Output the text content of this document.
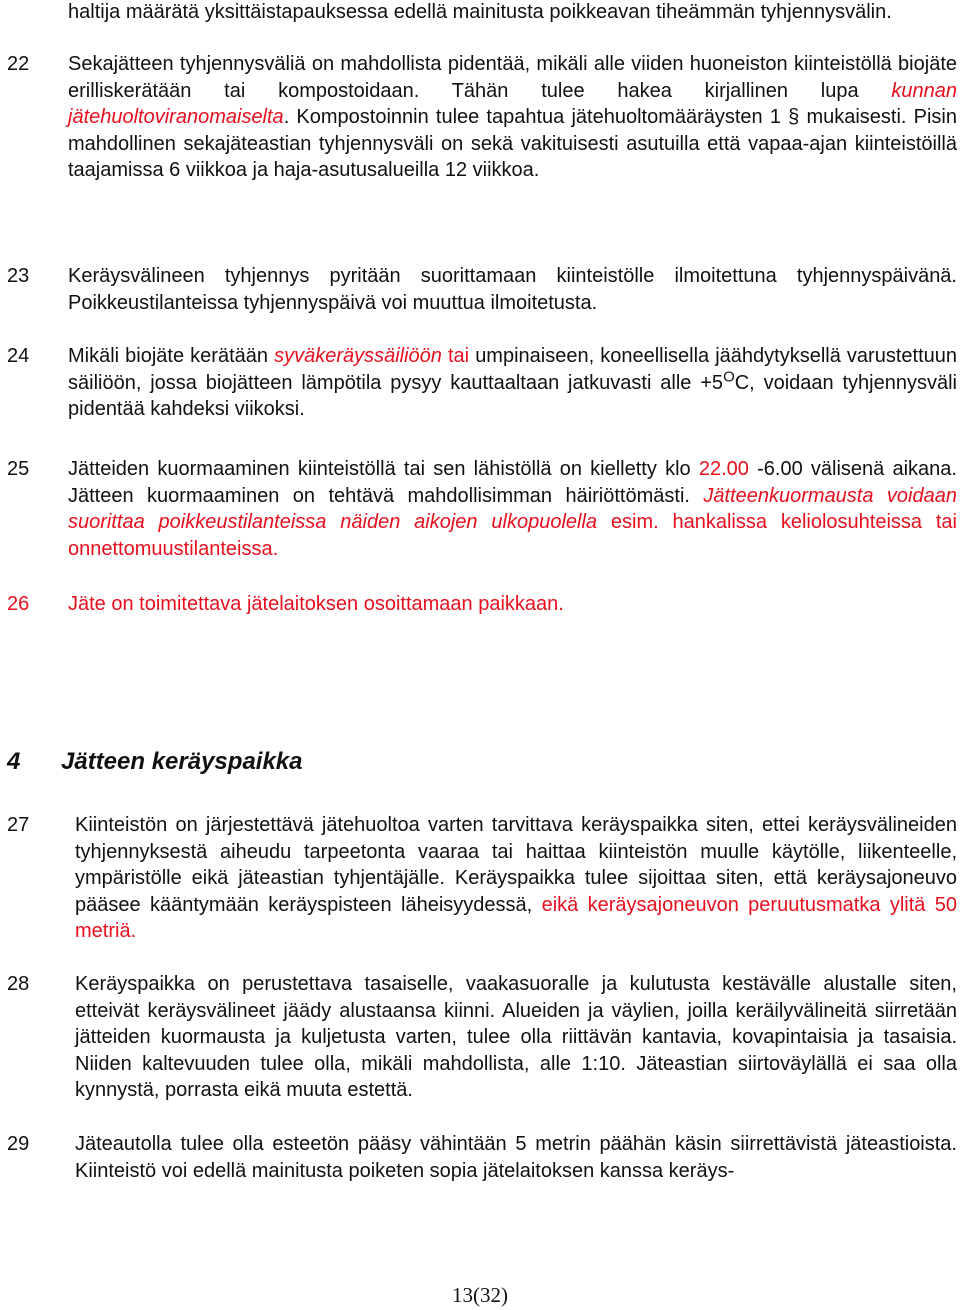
haltija määrätä yksittäistapauksessa edellä mainitusta poikkeavan tiheämmän tyhjennysvälin.
22	Sekajätteen tyhjennysväliä on mahdollista pidentää, mikäli alle viiden huoneiston kiinteistöllä biojäte erilliskerätään tai kompostoidaan. Tähän tulee hakea kirjallinen lupa kunnan jätehuoltoviranomaiselta. Kompostoinnin tulee tapahtua jätehuoltomääräysten 1 § mukaisesti. Pisin mahdollinen sekajäteastian tyhjennysväli on sekä vakituisesti asutuilla että vapaa-ajan kiinteistöillä taajamissa 6 viikkoa ja haja-asutusalueilla 12 viikkoa.
23	Keräysvälineen tyhjennys pyritään suorittamaan kiinteistölle ilmoitettuna tyhjennyspäivänä. Poikkeustilanteissa tyhjennyspäivä voi muuttua ilmoitetusta.
24	Mikäli biojäte kerätään syväkeräyssäiliöön tai umpinaiseen, koneellisella jäähdytyksellä varustettuun säiliöön, jossa biojätteen lämpötila pysyy kauttaaltaan jatkuvasti alle $+5^OC$, voidaan tyhjennysväli pidentää kahdeksi viikoksi.
25	Jätteiden kuormaaminen kiinteistöllä tai sen lähistöllä on kielletty klo 22.00 -6.00 välisenä aikana. Jätteen kuormaaminen on tehtävä mahdollisimman häiriöttömästi. Jätteenkuormausta voidaan suorittaa poikkeustilanteissa näiden aikojen ulkopuolella esim. hankalissa keliolosuhteissa tai onnettomuustilanteissa.
26	Jäte on toimitettava jätelaitoksen osoittamaan paikkaan.
4 Jätteen keräyspaikka
27	Kiinteistön on järjestettävä jätehuoltoa varten tarvittava keräyspaikka siten, ettei keräysvälineiden tyhjennyksestä aiheudu tarpeetonta vaaraa tai haittaa kiinteistön muulle käytölle, liikenteelle, ympäristölle eikä jäteastian tyhjentäjälle. Keräyspaikka tulee sijoittaa siten, että keräysajoneuvo pääsee kääntymään keräyspisteen läheisyydessä, eikä keräysajoneuvon peruutusmatka ylitä 50 metriä.
28	Keräyspaikka on perustettava tasaiselle, vaakasuoralle ja kulutusta kestävälle alustalle siten, etteivät keräysvälineet jäädy alustaansa kiinni. Alueiden ja väylien, joilla keräilyvälineitä siirretään jätteiden kuormausta ja kuljetusta varten, tulee olla riittävän kantavia, kovapintaisia ja tasaisia. Niiden kaltevuuden tulee olla, mikäli mahdollista, alle 1:10. Jäteastian siirtoväylällä ei saa olla kynnystä, porrasta eikä muuta estettä.
29	Jäteautolla tulee olla esteetön pääsy vähintään 5 metrin päähän käsin siirrettävistä jäteastioista. Kiinteistö voi edellä mainitusta poiketen sopia jätelaitoksen kanssa keräys-
13(32)
